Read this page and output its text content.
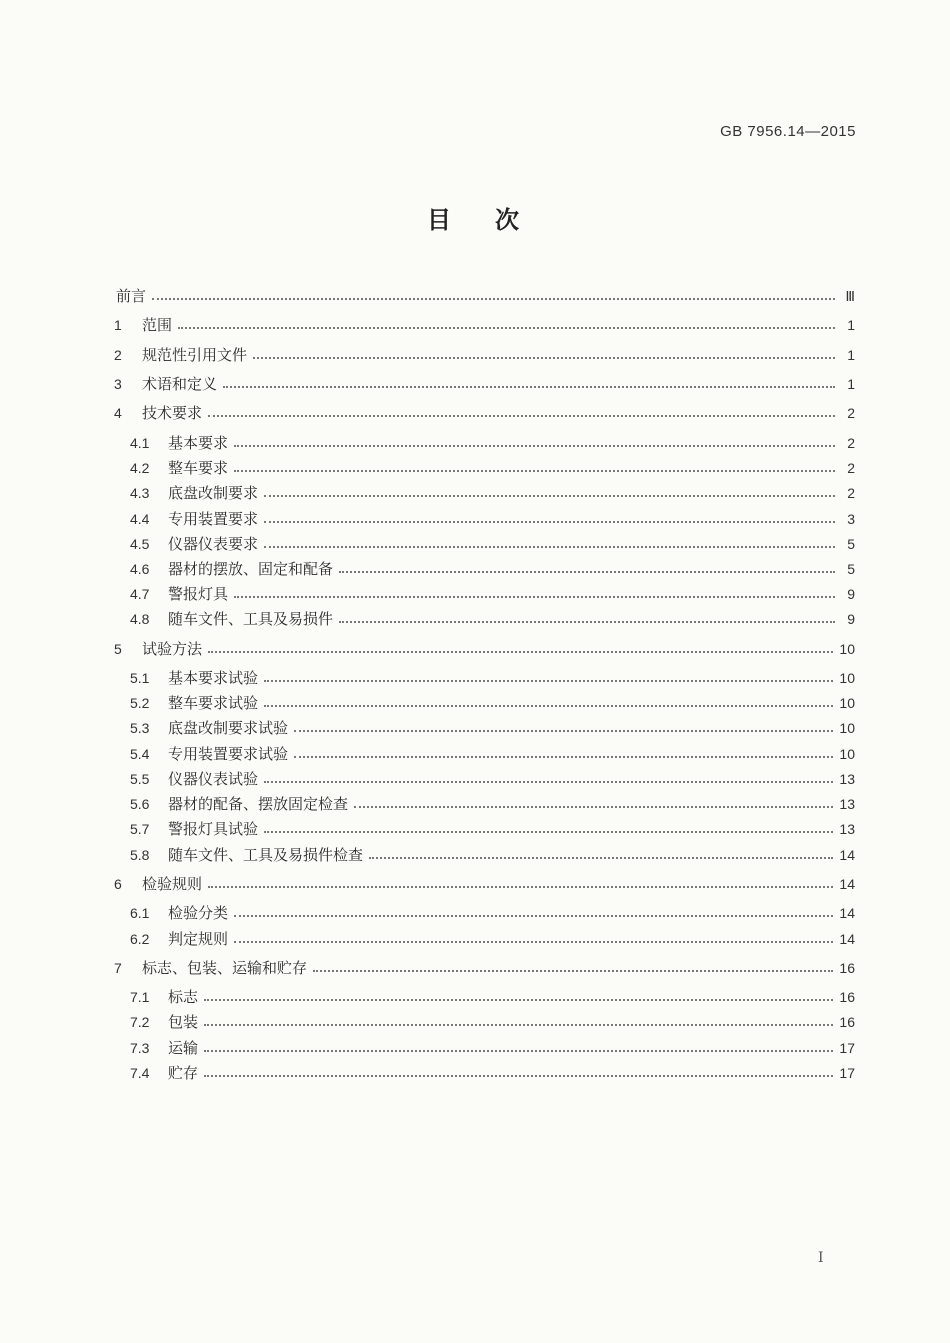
GB 7956.14—2015
目次
前言	Ⅲ
1	范围	1
2	规范性引用文件	1
3	术语和定义	1
4	技术要求	2
4.1	基本要求	2
4.2	整车要求	2
4.3	底盘改制要求	2
4.4	专用装置要求	3
4.5	仪器仪表要求	5
4.6	器材的摆放、固定和配备	5
4.7	警报灯具	9
4.8	随车文件、工具及易损件	9
5	试验方法	10
5.1	基本要求试验	10
5.2	整车要求试验	10
5.3	底盘改制要求试验	10
5.4	专用装置要求试验	10
5.5	仪器仪表试验	13
5.6	器材的配备、摆放固定检查	13
5.7	警报灯具试验	13
5.8	随车文件、工具及易损件检查	14
6	检验规则	14
6.1	检验分类	14
6.2	判定规则	14
7	标志、包装、运输和贮存	16
7.1	标志	16
7.2	包装	16
7.3	运输	17
7.4	贮存	17
Ⅰ
